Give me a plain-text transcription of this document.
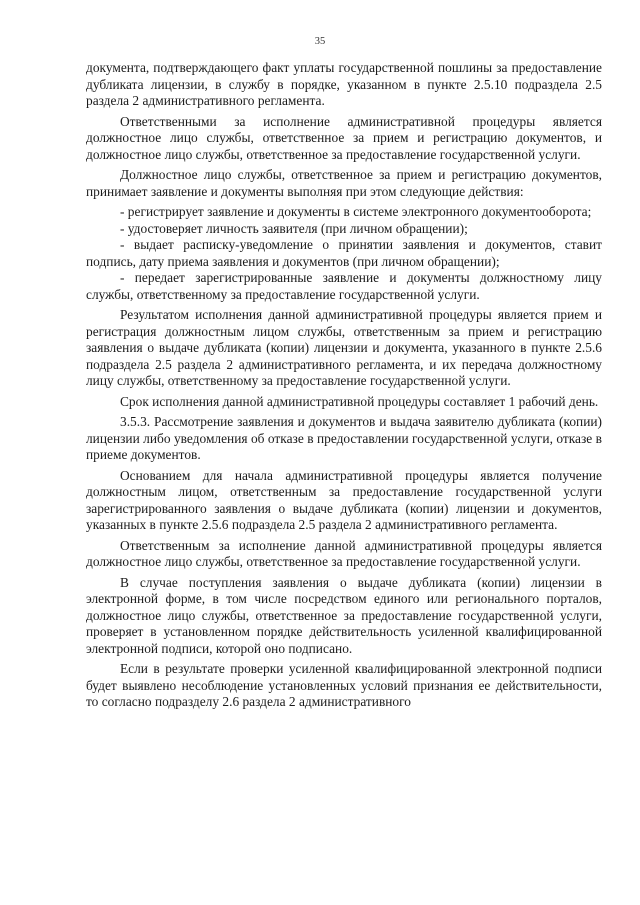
35

документа, подтверждающего факт уплаты государственной пошлины за предоставление дубликата лицензии, в службу в порядке, указанном в пункте 2.5.10 подраздела 2.5 раздела 2 административного регламента.

Ответственными за исполнение административной процедуры является должностное лицо службы, ответственное за прием и регистрацию документов, и должностное лицо службы, ответственное за предоставление государственной услуги.

Должностное лицо службы, ответственное за прием и регистрацию документов, принимает заявление и документы выполняя при этом следующие действия:

- регистрирует заявление и документы в системе электронного документооборота;

- удостоверяет личность заявителя (при личном обращении);

- выдает расписку-уведомление о принятии заявления и документов, ставит подпись, дату приема заявления и документов (при личном обращении);

- передает зарегистрированные заявление и документы должностному лицу службы, ответственному за предоставление государственной услуги.

Результатом исполнения данной административной процедуры является прием и регистрация должностным лицом службы, ответственным за прием и регистрацию заявления о выдаче дубликата (копии) лицензии и документа, указанного в пункте 2.5.6 подраздела 2.5 раздела 2 административного регламента, и их передача должностному лицу службы, ответственному за предоставление государственной услуги.

Срок исполнения данной административной процедуры составляет 1 рабочий день.

3.5.3. Рассмотрение заявления и документов и выдача заявителю дубликата (копии) лицензии либо уведомления об отказе в предоставлении государственной услуги, отказе в приеме документов.

Основанием для начала административной процедуры является получение должностным лицом, ответственным за предоставление государственной услуги зарегистрированного заявления о выдаче дубликата (копии) лицензии и документов, указанных в пункте 2.5.6 подраздела 2.5 раздела 2 административного регламента.

Ответственным за исполнение данной административной процедуры является должностное лицо службы, ответственное за предоставление государственной услуги.

В случае поступления заявления о выдаче дубликата (копии) лицензии в электронной форме, в том числе посредством единого или регионального порталов, должностное лицо службы, ответственное за предоставление государственной услуги, проверяет в установленном порядке действительность усиленной квалифицированной электронной подписи, которой оно подписано.

Если в результате проверки усиленной квалифицированной электронной подписи будет выявлено несоблюдение установленных условий признания ее действительности, то согласно подразделу 2.6 раздела 2 административного
